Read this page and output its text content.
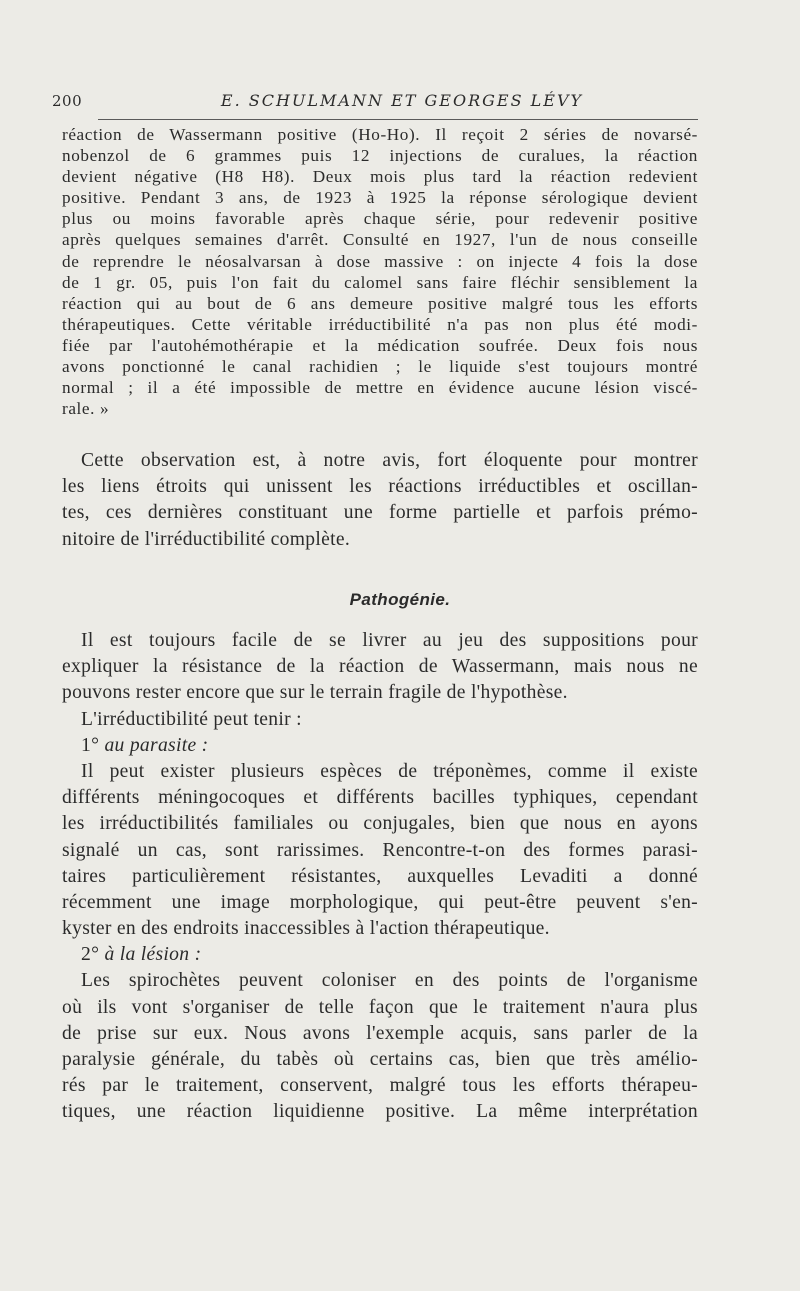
200	E. SCHULMANN ET GEORGES LÉVY
réaction de Wassermann positive (Ho-Ho). Il reçoit 2 séries de novarsé-
nobenzol de 6 grammes puis 12 injections de curalues, la réaction
devient négative (H8 H8). Deux mois plus tard la réaction redevient
positive. Pendant 3 ans, de 1923 à 1925 la réponse sérologique devient
plus ou moins favorable après chaque série, pour redevenir positive
après quelques semaines d'arrêt. Consulté en 1927, l'un de nous conseille
de reprendre le néosalvarsan à dose massive : on injecte 4 fois la dose
de 1 gr. 05, puis l'on fait du calomel sans faire fléchir sensiblement la
réaction qui au bout de 6 ans demeure positive malgré tous les efforts
thérapeutiques. Cette véritable irréductibilité n'a pas non plus été modi-
fiée par l'autohémothérapie et la médication soufrée. Deux fois nous
avons ponctionné le canal rachidien ; le liquide s'est toujours montré
normal ; il a été impossible de mettre en évidence aucune lésion viscé-
rale. »
Cette observation est, à notre avis, fort éloquente pour montrer
les liens étroits qui unissent les réactions irréductibles et oscillan-
tes, ces dernières constituant une forme partielle et parfois prémo-
nitoire de l'irréductibilité complète.
Pathogénie.
Il est toujours facile de se livrer au jeu des suppositions pour
expliquer la résistance de la réaction de Wassermann, mais nous ne
pouvons rester encore que sur le terrain fragile de l'hypothèse.
L'irréductibilité peut tenir :
1° au parasite :
Il peut exister plusieurs espèces de tréponèmes, comme il existe
différents méningocoques et différents bacilles typhiques, cependant
les irréductibilités familiales ou conjugales, bien que nous en ayons
signalé un cas, sont rarissimes. Rencontre-t-on des formes parasi-
taires particulièrement résistantes, auxquelles Levaditi a donné
récemment une image morphologique, qui peut-être peuvent s'en-
kyster en des endroits inaccessibles à l'action thérapeutique.
2° à la lésion :
Les spirochètes peuvent coloniser en des points de l'organisme
où ils vont s'organiser de telle façon que le traitement n'aura plus
de prise sur eux. Nous avons l'exemple acquis, sans parler de la
paralysie générale, du tabès où certains cas, bien que très amélio-
rés par le traitement, conservent, malgré tous les efforts thérapeu-
tiques, une réaction liquidienne positive. La même interprétation
